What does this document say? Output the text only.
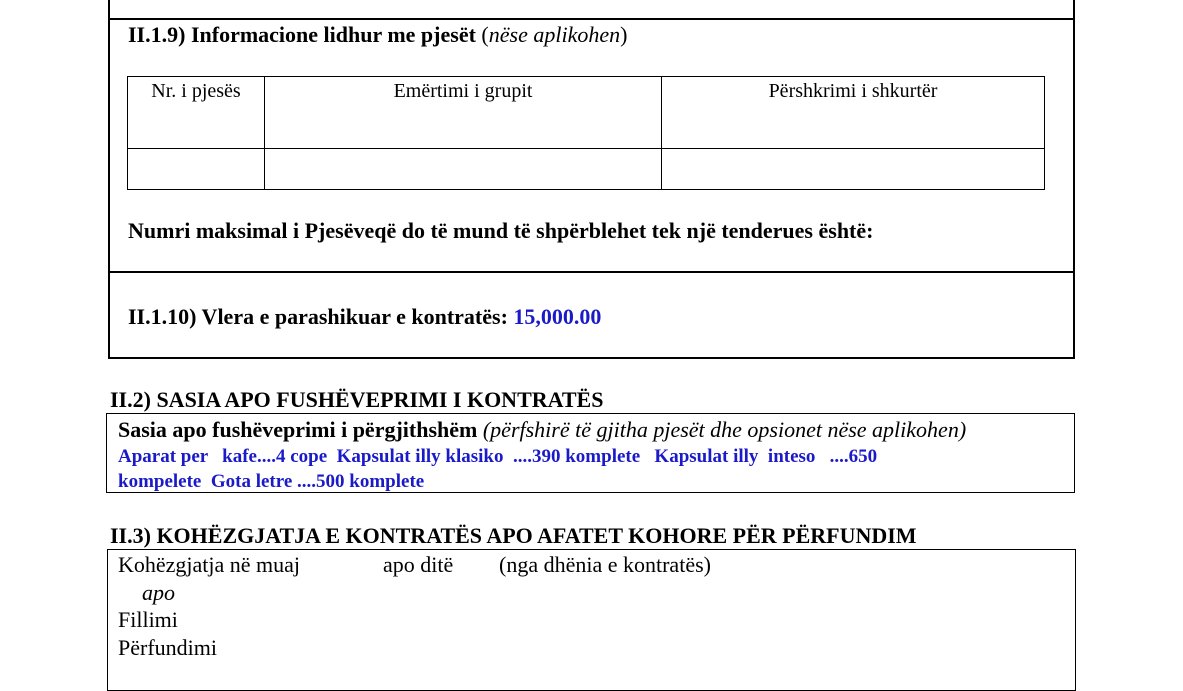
II.1.9) Informacione lidhur me pjesët (nëse aplikohen)
Nr. i pjesës	Emërtimi i grupit	Përshkrimi i shkurtër

Numri maksimal i Pjesëveqë do të mund të shpërblehet tek një tenderues është:
II.1.10) Vlera e parashikuar e kontratës: 15,000.00
II.2) SASIA APO FUSHËVEPRIMI I KONTRATËS
Sasia apo fushëveprimi i përgjithshëm (përfshirë të gjitha pjesët dhe opsionet nëse aplikohen)
Aparat per   kafe....4 cope  Kapsulat illy klasiko  ....390 komplete   Kapsulat illy  inteso   ....650
kompelete  Gota letre ....500 komplete
II.3) KOHËZGJATJA E KONTRATËS APO AFATET KOHORE PËR PËRFUNDIM
Kohëzgjatja në muaj	apo ditë (nga dhënia e kontratës)
apo
Fillimi
Përfundimi
